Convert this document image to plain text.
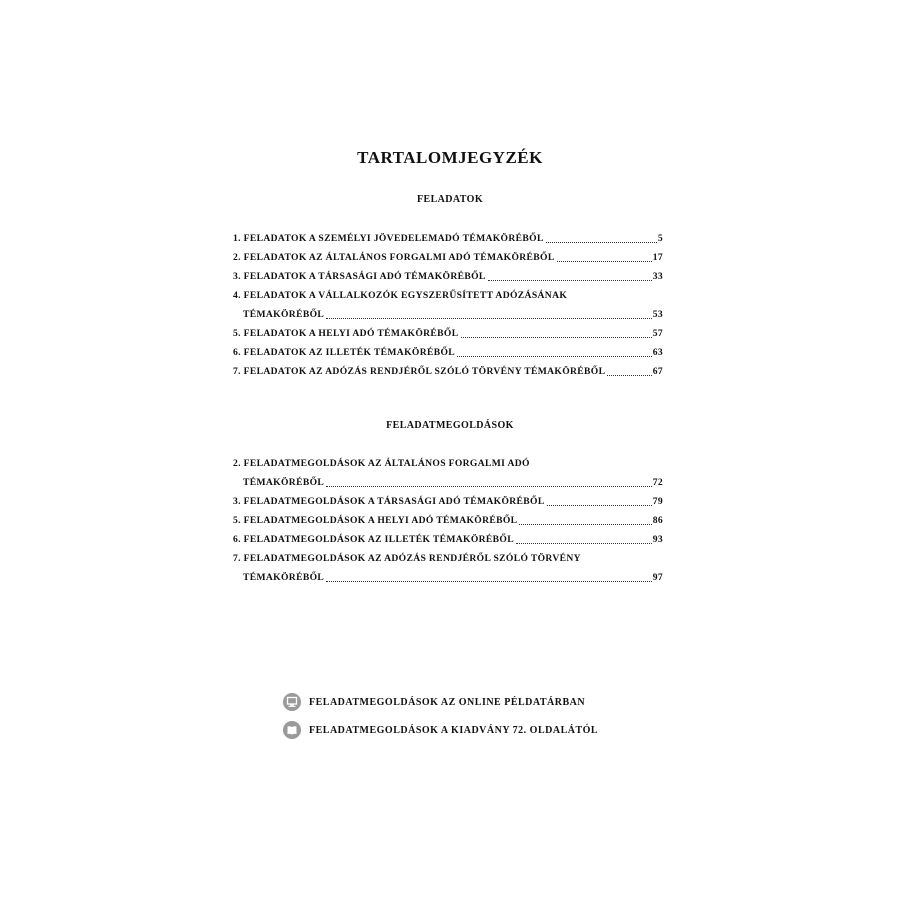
TARTALOMJEGYZÉK
FELADATOK
1. FELADATOK A SZEMÉLYI JÖVEDELEMADÓ TÉMAKÖRÉBŐL	5
2. FELADATOK AZ ÁLTALÁNOS FORGALMI ADÓ TÉMAKÖRÉBŐL	17
3. FELADATOK A TÁRSASÁGI ADÓ TÉMAKÖRÉBŐL	33
4. FELADATOK A VÁLLALKOZÓK EGYSZERŰSÍTETT ADÓZÁSÁNAK
TÉMAKÖRÉBŐL	53
5. FELADATOK A HELYI ADÓ TÉMAKÖRÉBŐL	57
6. FELADATOK AZ ILLETÉK TÉMAKÖRÉBŐL	63
7. FELADATOK AZ ADÓZÁS RENDJÉRŐL SZÓLÓ TÖRVÉNY TÉMAKÖRÉBŐL	67
FELADATMEGOLDÁSOK
2. FELADATMEGOLDÁSOK AZ ÁLTALÁNOS FORGALMI ADÓ
TÉMAKÖRÉBŐL	72
3. FELADATMEGOLDÁSOK A TÁRSASÁGI ADÓ TÉMAKÖRÉBŐL	79
5. FELADATMEGOLDÁSOK A HELYI ADÓ TÉMAKÖRÉBŐL	86
6. FELADATMEGOLDÁSOK AZ ILLETÉK TÉMAKÖRÉBŐL	93
7. FELADATMEGOLDÁSOK AZ ADÓZÁS RENDJÉRŐL SZÓLÓ TÖRVÉNY
TÉMAKÖRÉBŐL	97
FELADATMEGOLDÁSOK AZ ONLINE PÉLDATÁRBAN
FELADATMEGOLDÁSOK A KIADVÁNY 72. OLDALÁTÓL
